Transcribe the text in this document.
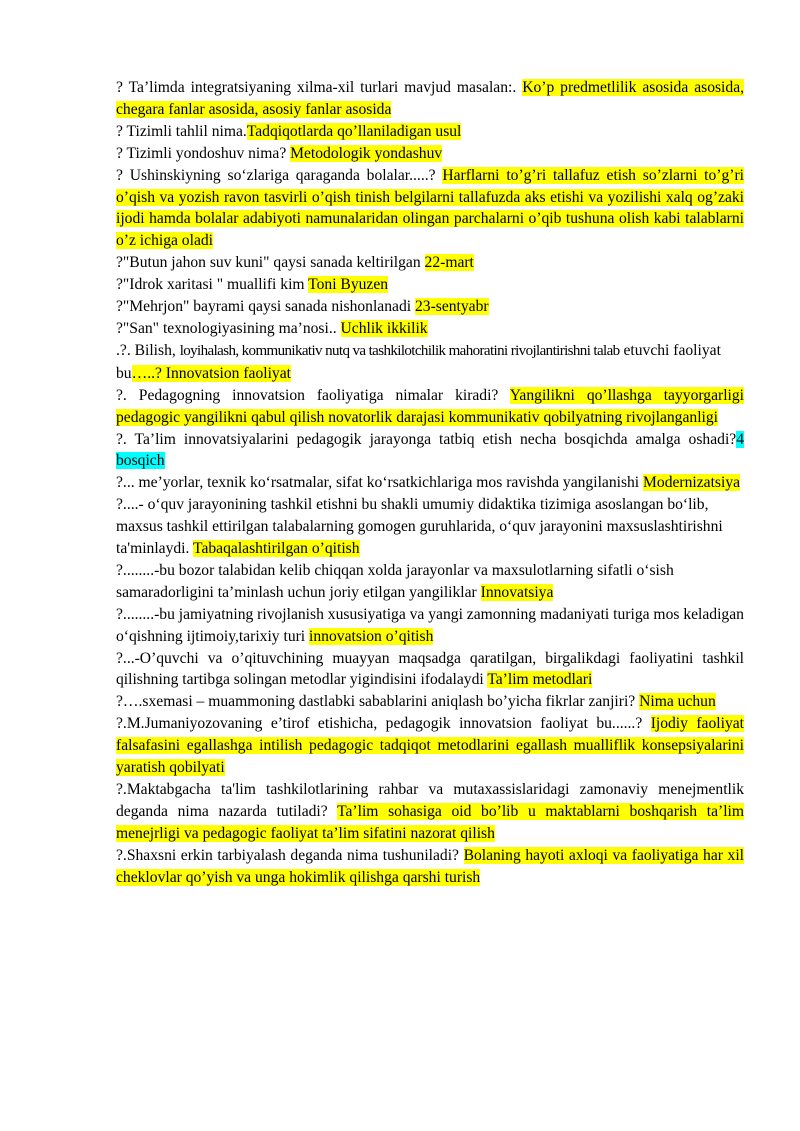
? Ta’limda integratsiyaning xilma-xil turlari mavjud masalan:. Ko’p predmetlilik asosida asosida, chegara fanlar asosida, asosiy fanlar asosida

? Tizimli tahlil nima.Tadqiqotlarda qo’llaniladigan usul

? Tizimli yondoshuv nima? Metodologik yondashuv

? Ushinskiyning so‘zlariga qaraganda bolalar.....? Harflarni to’g’ri tallafuz etish so’zlarni to’g’ri o’qish va yozish ravon tasvirli o’qish tinish belgilarni tallafuzda aks etishi va yozilishi xalq og’zaki ijodi hamda bolalar adabiyoti namunalaridan olingan parchalarni o’qib tushuna olish kabi talablarni o’z ichiga oladi

?"Butun jahon suv kuni" qaysi sanada keltirilgan 22-mart

?"Idrok xaritasi " muallifi kim Toni Byuzen

?"Mehrjon" bayrami qaysi sanada nishonlanadi 23-sentyabr

?"San" texnologiyasining ma’nosi.. Uchlik ikkilik

.?. Bilish, loyihalash, kommunikativ nutq va tashkilotchilik mahoratini rivojlantirishni talab etuvchi faoliyat bu…..? Innovatsion faoliyat

?. Pedagogning innovatsion faoliyatiga nimalar kiradi? Yangilikni qo’llashga tayyorgarligi pedagogic yangilikni qabul qilish novatorlik darajasi kommunikativ qobilyatning rivojlanganligi

?. Ta’lim innovatsiyalarini pedagogik jarayonga tatbiq etish necha bosqichda amalga oshadi?4 bosqich

?... me’yorlar, texnik ko‘rsatmalar, sifat ko‘rsatkichlariga mos ravishda yangilanishi Modernizatsiya

?....- o‘quv jarayonining tashkil etishni bu shakli umumiy didaktika tizimiga asoslangan bo‘lib, maxsus tashkil ettirilgan talabalarning gomogen guruhlarida, o‘quv jarayonini maxsuslashtirishni ta'minlaydi. Tabaqalashtirilgan o’qitish

?........-bu bozor talabidan kelib chiqqan xolda jarayonlar va maxsulotlarning sifatli o‘sish samaradorligini ta’minlash uchun joriy etilgan yangiliklar Innovatsiya

?........-bu jamiyatning rivojlanish xususiyatiga va yangi zamonning madaniyati turiga mos keladigan o‘qishning ijtimoiy,tarixiy turi innovatsion o’qitish

?...-O’quvchi va o’qituvchining muayyan maqsadga qaratilgan, birgalikdagi faoliyatini tashkil qilishning tartibga solingan metodlar yigindisini ifodalaydi Ta’lim metodlari

?….sxemasi – muammoning dastlabki sabablarini aniqlash bo’yicha fikrlar zanjiri? Nima uchun

?.M.Jumaniyozovaning e’tirof etishicha, pedagogik innovatsion faoliyat bu......? Ijodiy faoliyat falsafasini egallashga intilish pedagogic tadqiqot metodlarini egallash mualliflik konsepsiyalarini yaratish qobilyati

?.Maktabgacha ta'lim tashkilotlarining rahbar va mutaxassislaridagi zamonaviy menejmentlik deganda nima nazarda tutiladi? Ta’lim sohasiga oid bo’lib u maktablarni boshqarish ta’lim menejrligi va pedagogic faoliyat ta’lim sifatini nazorat qilish

?.Shaxsni erkin tarbiyalash deganda nima tushuniladi? Bolaning hayoti axloqi va faoliyatiga har xil cheklovlar qo’yish va unga hokimlik qilishga qarshi turish
